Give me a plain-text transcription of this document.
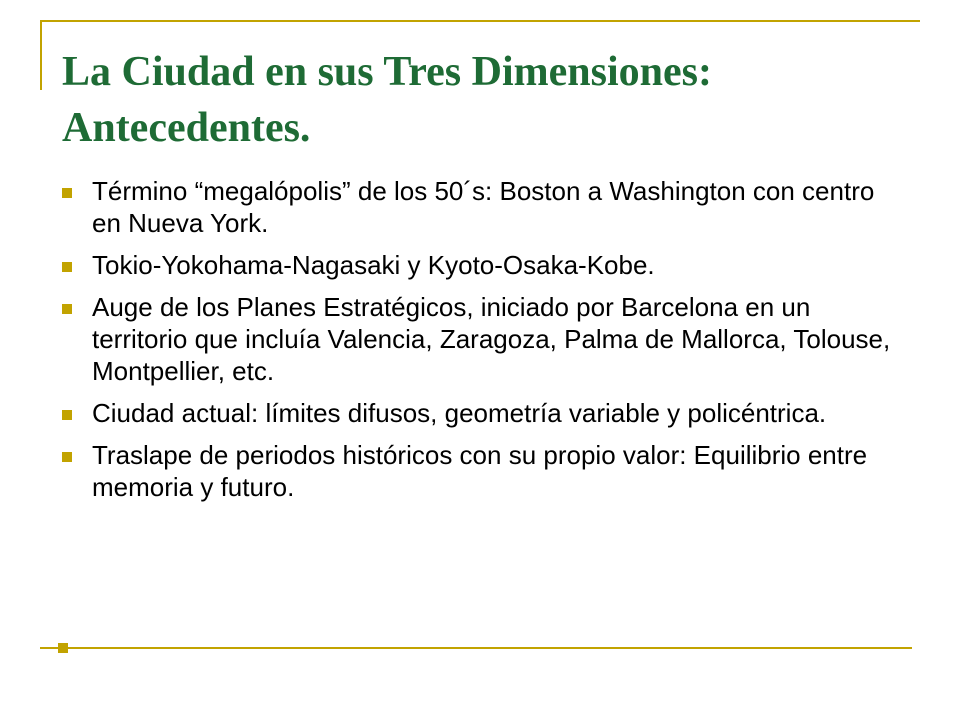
La Ciudad en sus Tres Dimensiones: Antecedentes.
Término “megalópolis” de los 50´s: Boston a Washington con centro en Nueva York.
Tokio-Yokohama-Nagasaki y Kyoto-Osaka-Kobe.
Auge de los Planes Estratégicos, iniciado por Barcelona en un territorio que incluía Valencia, Zaragoza, Palma de Mallorca, Tolouse, Montpellier, etc.
Ciudad actual: límites difusos, geometría variable y policéntrica.
Traslape de periodos históricos con su propio valor: Equilibrio entre memoria y futuro.
